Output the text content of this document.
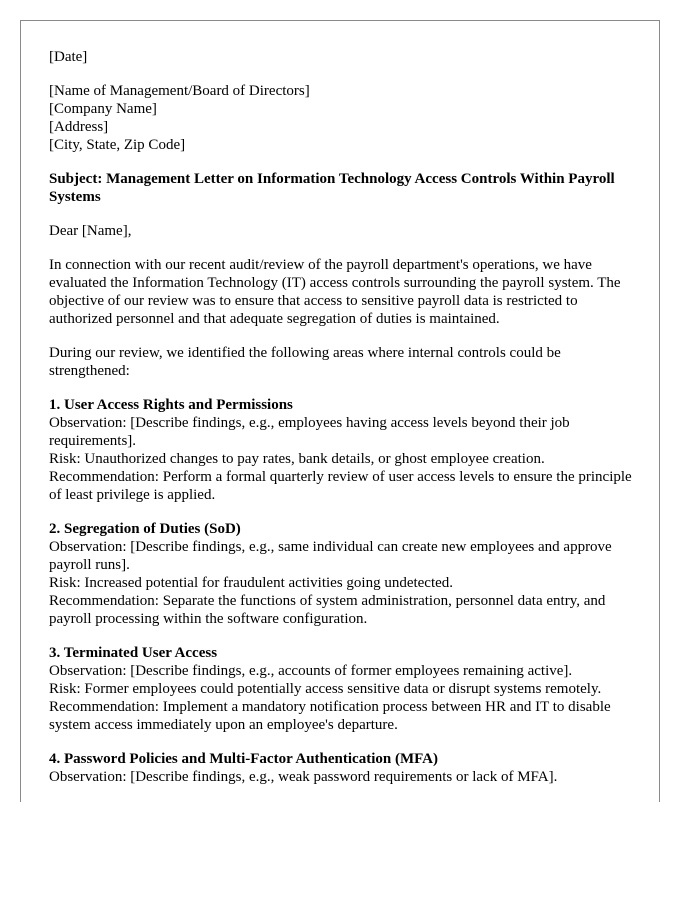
[Date]

[Name of Management/Board of Directors]

[Company Name]

[Address]

[City, State, Zip Code]

Subject: Management Letter on Information Technology Access Controls Within Payroll Systems

Dear [Name],

In connection with our recent audit/review of the payroll department's operations, we have evaluated the Information Technology (IT) access controls surrounding the payroll system. The objective of our review was to ensure that access to sensitive payroll data is restricted to authorized personnel and that adequate segregation of duties is maintained.

During our review, we identified the following areas where internal controls could be strengthened:

1. User Access Rights and Permissions

Observation: [Describe findings, e.g., employees having access levels beyond their job requirements].

Risk: Unauthorized changes to pay rates, bank details, or ghost employee creation.

Recommendation: Perform a formal quarterly review of user access levels to ensure the principle of least privilege is applied.

2. Segregation of Duties (SoD)

Observation: [Describe findings, e.g., same individual can create new employees and approve payroll runs].

Risk: Increased potential for fraudulent activities going undetected.

Recommendation: Separate the functions of system administration, personnel data entry, and payroll processing within the software configuration.

3. Terminated User Access

Observation: [Describe findings, e.g., accounts of former employees remaining active].

Risk: Former employees could potentially access sensitive data or disrupt systems remotely.

Recommendation: Implement a mandatory notification process between HR and IT to disable system access immediately upon an employee's departure.

4. Password Policies and Multi-Factor Authentication (MFA)

Observation: [Describe findings, e.g., weak password requirements or lack of MFA].
